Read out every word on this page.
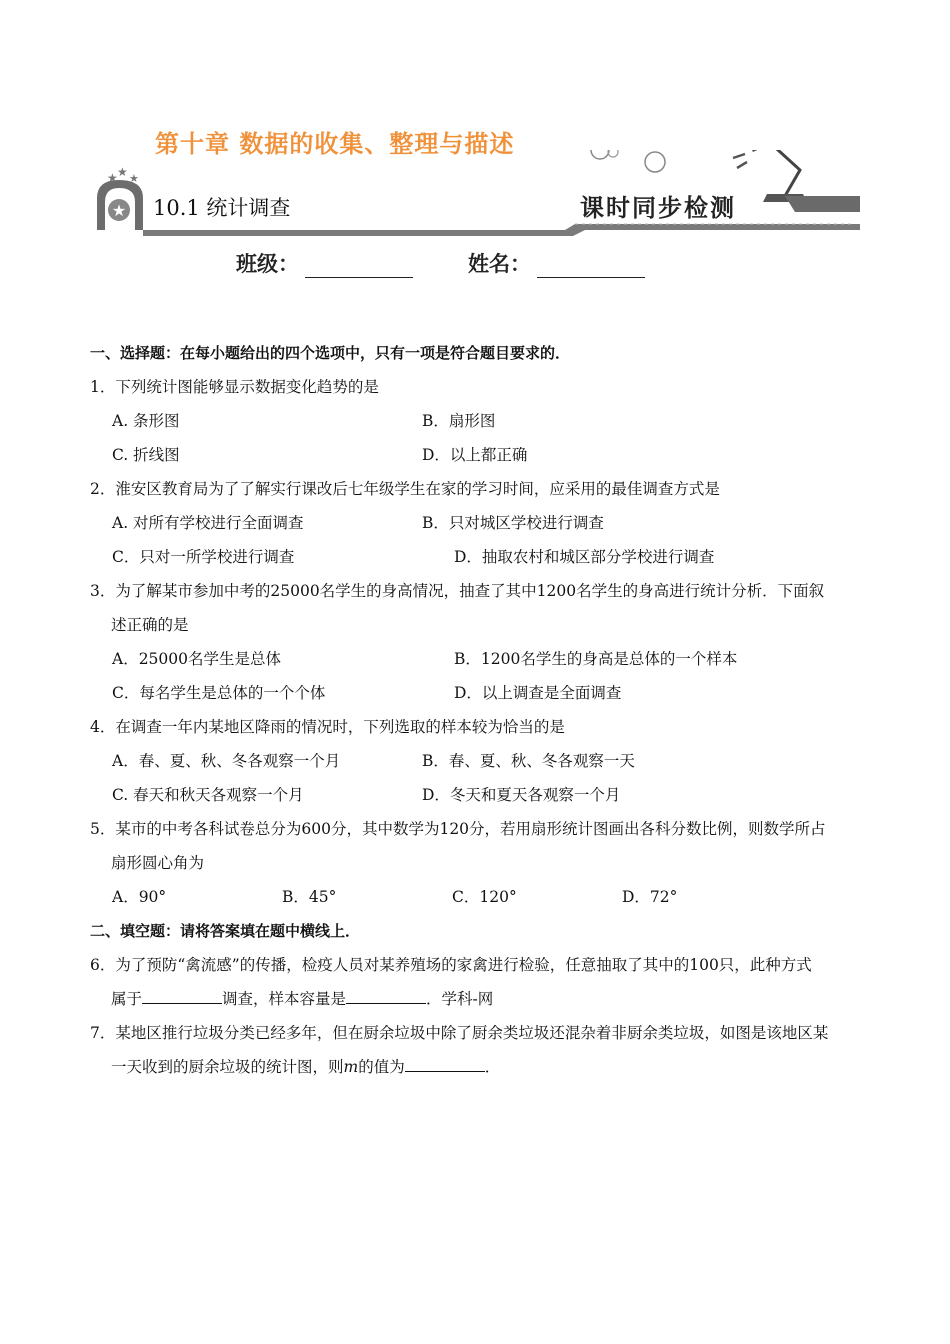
第十章 数据的收集、整理与描述
★
★ ★ ★
10.1 统计调查	课时同步检测
班级：	姓名：
一、选择题：在每小题给出的四个选项中，只有一项是符合题目要求的．
1．下列统计图能够显示数据变化趋势的是
A. 条形图	B．扇形图
C. 折线图	D．以上都正确
2．淮安区教育局为了了解实行课改后七年级学生在家的学习时间，应采用的最佳调查方式是
A. 对所有学校进行全面调查	B．只对城区学校进行调查
C．只对一所学校进行调查	D．抽取农村和城区部分学校进行调查
3．为了解某市参加中考的25000名学生的身高情况，抽查了其中1200名学生的身高进行统计分析．下面叙
述正确的是
A．25000名学生是总体	B．1200名学生的身高是总体的一个样本
C．每名学生是总体的一个个体	D．以上调查是全面调查
4．在调查一年内某地区降雨的情况时，下列选取的样本较为恰当的是
A．春、夏、秋、冬各观察一个月	B．春、夏、秋、冬各观察一天
C. 春天和秋天各观察一个月	D．冬天和夏天各观察一个月
5．某市的中考各科试卷总分为600分，其中数学为120分，若用扇形统计图画出各科分数比例，则数学所占
扇形圆心角为
A．90°	B．45°	C．120°	D．72°
二、填空题：请将答案填在题中横线上．
6．为了预防“禽流感”的传播，检疫人员对某养殖场的家禽进行检验，任意抽取了其中的100只，此种方式
属于	调查，样本容量是	．学科-网
7．某地区推行垃圾分类已经多年，但在厨余垃圾中除了厨余类垃圾还混杂着非厨余类垃圾，如图是该地区某
一天收到的厨余垃圾的统计图，则m的值为	．
